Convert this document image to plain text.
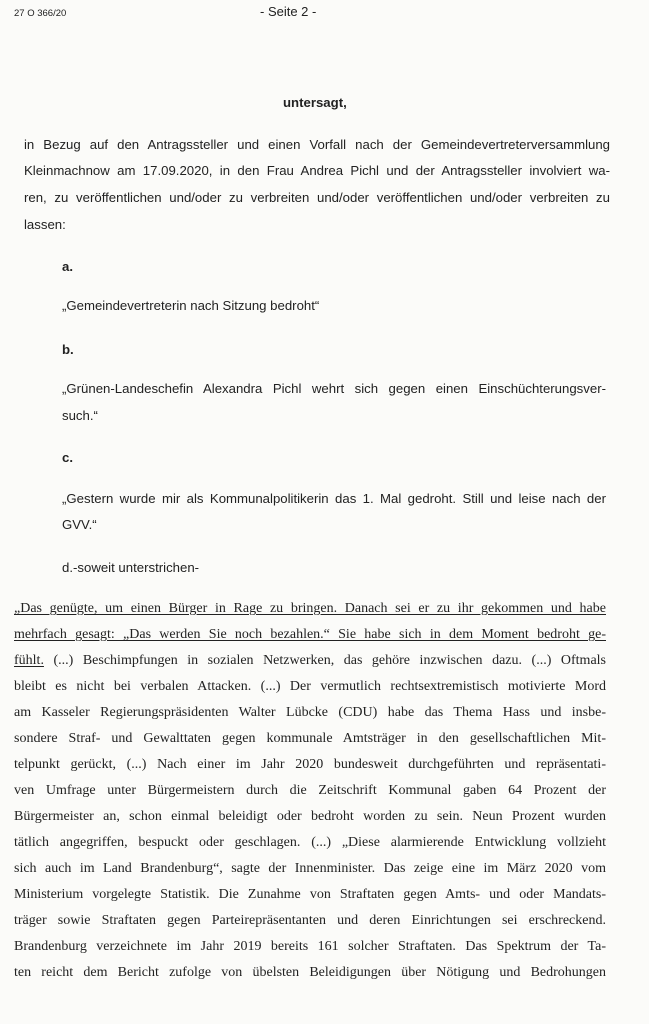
27 O 366/20	- Seite 2 -
untersagt,
in Bezug auf den Antragssteller und einen Vorfall nach der Gemeindevertreterversammlung
Kleinmachnow am 17.09.2020, in den Frau Andrea Pichl und der Antragssteller involviert wa-
ren, zu veröffentlichen und/oder zu verbreiten und/oder veröffentlichen und/oder verbreiten zu
lassen:
a.
„Gemeindevertreterin nach Sitzung bedroht“
b.
„Grünen-Landeschefin Alexandra Pichl wehrt sich gegen einen Einschüchterungsver-
such.“
c.
„Gestern wurde mir als Kommunalpolitikerin das 1. Mal gedroht. Still und leise nach der
GVV.“
d.-soweit unterstrichen-
„Das genügte, um einen Bürger in Rage zu bringen. Danach sei er zu ihr gekommen und habe
mehrfach gesagt: „Das werden Sie noch bezahlen.“ Sie habe sich in dem Moment bedroht ge-
fühlt. (...) Beschimpfungen in sozialen Netzwerken, das gehöre inzwischen dazu. (...) Oftmals
bleibt es nicht bei verbalen Attacken. (...) Der vermutlich rechtsextremistisch motivierte Mord
am Kasseler Regierungspräsidenten Walter Lübcke (CDU) habe das Thema Hass und insbe-
sondere Straf- und Gewalttaten gegen kommunale Amtsträger in den gesellschaftlichen Mit-
telpunkt gerückt, (...) Nach einer im Jahr 2020 bundesweit durchgeführten und repräsentati-
ven Umfrage unter Bürgermeistern durch die Zeitschrift Kommunal gaben 64 Prozent der
Bürgermeister an, schon einmal beleidigt oder bedroht worden zu sein. Neun Prozent wurden
tätlich angegriffen, bespuckt oder geschlagen. (...) „Diese alarmierende Entwicklung vollzieht
sich auch im Land Brandenburg“, sagte der Innenminister. Das zeige eine im März 2020 vom
Ministerium vorgelegte Statistik. Die Zunahme von Straftaten gegen Amts- und oder Mandats-
träger sowie Straftaten gegen Parteirepräsentanten und deren Einrichtungen sei erschreckend.
Brandenburg verzeichnete im Jahr 2019 bereits 161 solcher Straftaten. Das Spektrum der Ta-
ten reicht dem Bericht zufolge von übelsten Beleidigungen über Nötigung und Bedrohungen
